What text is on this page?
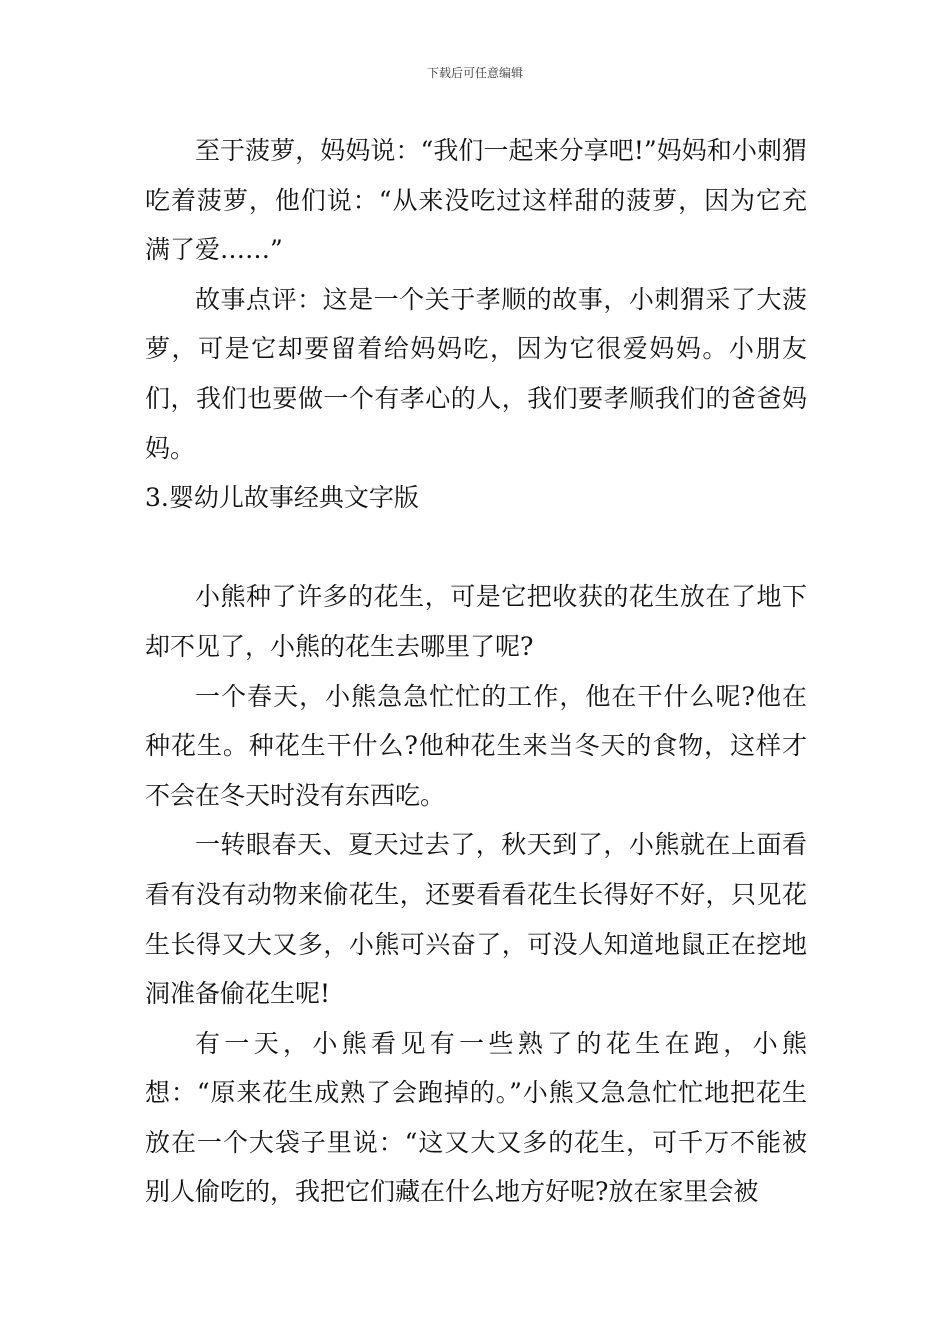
下载后可任意编辑

至于菠萝，妈妈说：“我们一起来分享吧!”妈妈和小刺猬吃着菠萝，他们说：“从来没吃过这样甜的菠萝，因为它充满了爱……”

故事点评：这是一个关于孝顺的故事，小刺猬采了大菠萝，可是它却要留着给妈妈吃，因为它很爱妈妈。小朋友们，我们也要做一个有孝心的人，我们要孝顺我们的爸爸妈妈。

3.婴幼儿故事经典文字版

小熊种了许多的花生，可是它把收获的花生放在了地下却不见了，小熊的花生去哪里了呢?

一个春天，小熊急急忙忙的工作，他在干什么呢?他在种花生。种花生干什么?他种花生来当冬天的食物，这样才不会在冬天时没有东西吃。

一转眼春天、夏天过去了，秋天到了，小熊就在上面看看有没有动物来偷花生，还要看看花生长得好不好，只见花生长得又大又多，小熊可兴奋了，可没人知道地鼠正在挖地洞准备偷花生呢!

有一天，小熊看见有一些熟了的花生在跑，小熊想：“原来花生成熟了会跑掉的。”小熊又急急忙忙地把花生放在一个大袋子里说：“这又大又多的花生，可千万不能被别人偷吃的，我把它们藏在什么地方好呢?放在家里会被
